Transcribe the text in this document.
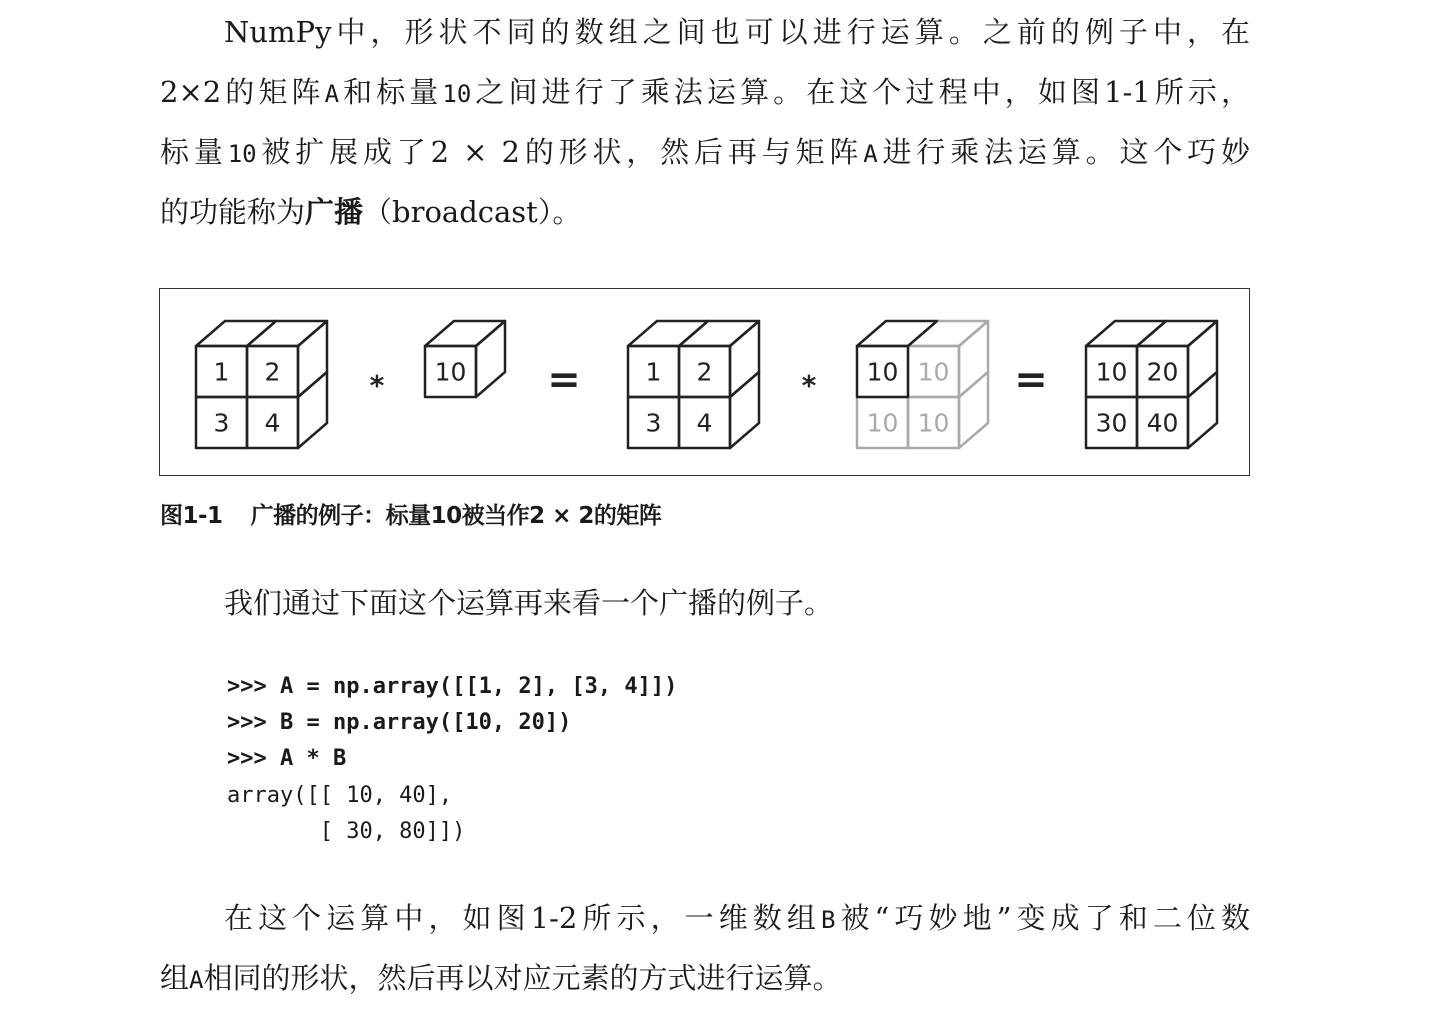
NumPy中，形状不同的数组之间也可以进行运算。之前的例子中，在
2×2的矩阵A和标量10之间进行了乘法运算。在这个过程中，如图1-1所示，
标量10被扩展成了2 × 2的形状，然后再与矩阵A进行乘法运算。这个巧妙
的功能称为广播（broadcast）。
1 2
3 4
10	1 2
3 4
10
10 10
10	10 20
30 40
*	=	*	=
图1-1 广播的例子：标量10被当作2 × 2的矩阵
我们通过下面这个运算再来看一个广播的例子。
>>> A = np.array([[1, 2], [3, 4]])
>>> B = np.array([10, 20])
>>> A * B
array([[ 10, 40],
[ 30, 80]])
在这个运算中，如图1-2所示，一维数组B被“巧妙地”变成了和二位数
组A相同的形状，然后再以对应元素的方式进行运算。
